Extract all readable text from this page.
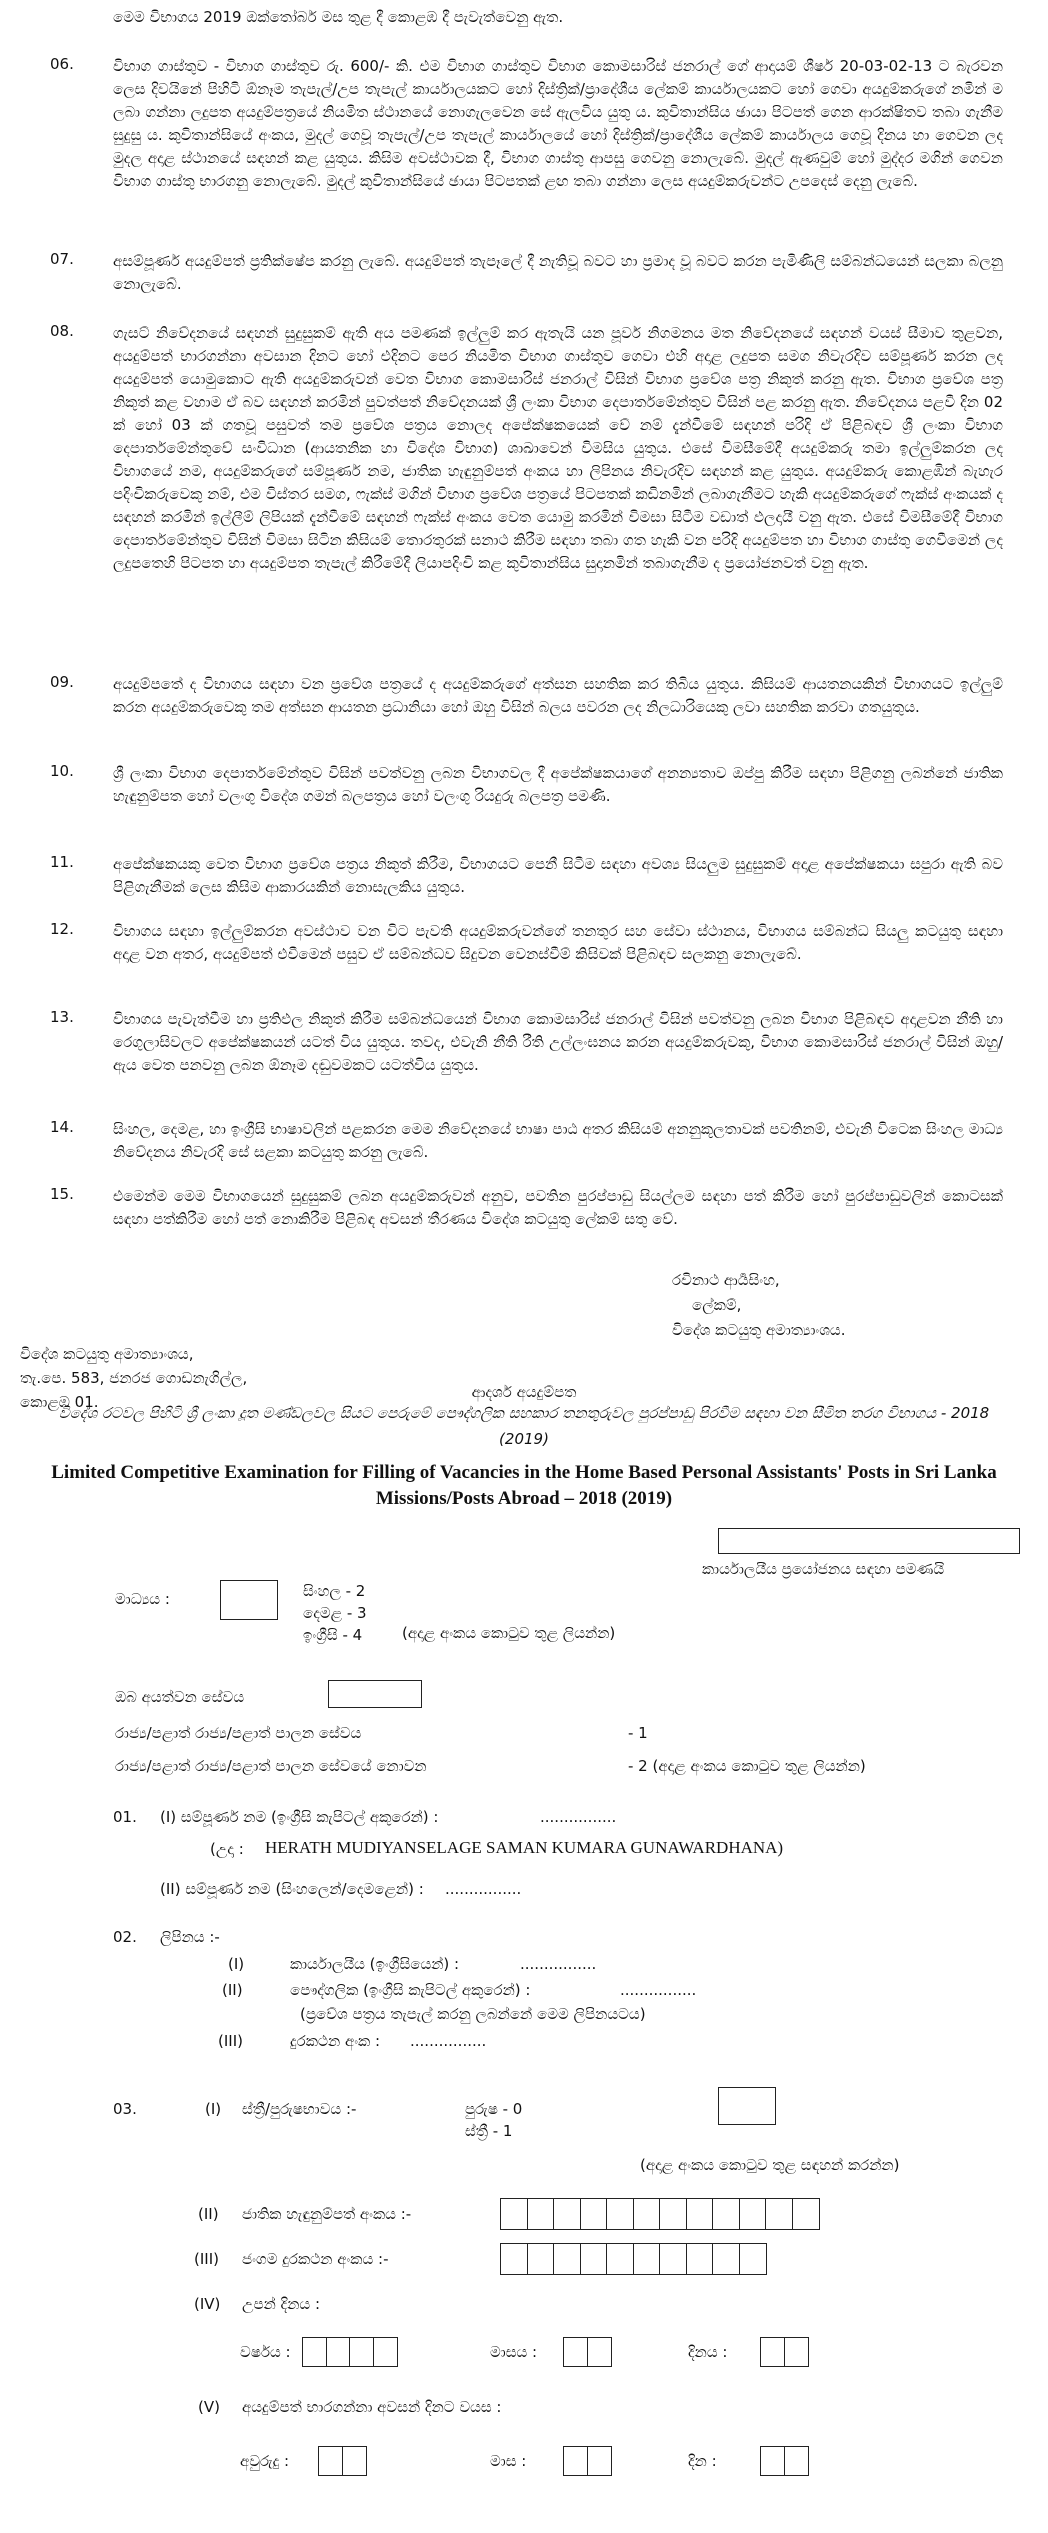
මෙම විභාගය 2019 ඔක්තෝබර් මස තුළ දී කොළඹ දී පැවැත්වෙනු ඇත.
06.	විභාග ගාස්තුව - විභාග ගාස්තුව රු. 600/- කි. එම විභාග ගාස්තුව විභාග කොමසාරිස් ජනරාල් ගේ ආදායම් ශීර්ෂ 20-03-02-13 ට බැරවන ලෙස දිවයිනේ පිහිටි ඕනෑම තැපැල්/උප තැපැල් කාර්යාලයකට හෝ දිස්ත්‍රික්/ප්‍රාදේශීය ලේකම් කාර්යාලයකට හෝ ගෙවා අයදුම්කරුගේ නමින් ම ලබා ගන්නා ලදුපත අයදුම්පත්‍රයේ නියමිත ස්ථානයේ නොගැලවෙන සේ ඇලවිය යුතු ය. කුවිතාන්සිය ඡායා පිටපත් ගෙන ආරක්ෂිතව තබා ගැනීම සුදුසු ය. කුවිතාන්සියේ අංකය, මුදල් ගෙවූ තැපැල්/උප තැපැල් කාර්යාලයේ හෝ දිස්ත්‍රික්/ප්‍රාදේශීය ලේකම් කාර්යාලය ගෙවූ දිනය හා ගෙවන ලද මුදල අදාළ ස්ථානයේ සඳහන් කළ යුතුය. කිසිම අවස්ථාවක දී, විභාග ගාස්තු ආපසු ගෙවනු නොලැබේ. මුදල් ඇණවුම් හෝ මුද්දර මගින් ගෙවන විභාග ගාස්තු භාරගනු නොලැබේ. මුදල් කුවිතාන්සියේ ඡායා පිටපතක් ළඟ තබා ගන්නා ලෙස අයදුම්කරුවන්ට උපදෙස් දෙනු ලැබේ.
07.	අසම්පූර්ණ අයදුම්පත් ප්‍රතික්ෂේප කරනු ලැබේ. අයදුම්පත් තැපෑලේ දී නැතිවූ බවට හා ප්‍රමාද වූ බවට කරන පැමිණිලි සම්බන්ධයෙන් සලකා බලනු නොලැබේ.
08.	ගැසට් නිවේදනයේ සඳහන් සුදුසුකම් ඇති අය පමණක් ඉල්ලුම් කර ඇතැයි යන පූර්ව නිගමනය මත නිවේදනයේ සඳහන් වයස් සීමාව තුළවන, අයදුම්පත් භාරගන්නා අවසාන දිනට හෝ එදිනට පෙර නියමිත විභාග ගාස්තුව ගෙවා එහි අදාළ ලදුපත සමග නිවැරදිව සම්පූර්ණ කරන ලද අයදුම්පත් යොමුකොට ඇති අයදුම්කරුවන් වෙත විභාග කොමසාරිස් ජනරාල් විසින් විභාග ප්‍රවේශ පත්‍ර නිකුත් කරනු ඇත. විභාග ප්‍රවේශ පත්‍ර නිකුත් කළ වහාම ඒ බව සඳහන් කරමින් පුවත්පත් නිවේදනයක් ශ්‍රී ලංකා විභාග දෙපාර්තමේන්තුව විසින් පළ කරනු ඇත. නිවේදනය පළවී දින 02 ක් හෝ 03 ක් ගතවූ පසුවත් තම ප්‍රවේශ පත්‍රය නොලද අපේක්ෂකයෙක් වේ නම් දැන්වීමේ සඳහන් පරිදි ඒ පිළිබඳව ශ්‍රී ලංකා විභාග දෙපාර්තමේන්තුවේ සංවිධාන (ආයතනික හා විදේශ විභාග) ශාඛාවෙන් විමසිය යුතුය. එසේ විමසීමේදී අයදුම්කරු තමා ඉල්ලුම්කරන ලද විභාගයේ නම, අයදුම්කරුගේ සම්පූර්ණ නම, ජාතික හැඳුනුම්පත් අංකය හා ලිපිනය නිවැරදිව සඳහන් කළ යුතුය. අයදුම්කරු කොළඹින් බැහැර පදිංචිකරුවෙකු නම්, එම විස්තර සමග, ෆැක්ස් මගින් විභාග ප්‍රවේශ පත්‍රයේ පිටපතක් කඩිනමින් ලබාගැනීමට හැකි අයදුම්කරුගේ ෆැක්ස් අංකයක් ද සඳහන් කරමින් ඉල්ලීම් ලිපියක් දැන්වීමේ සඳහන් ෆැක්ස් අංකය වෙත යොමු කරමින් විමසා සිටීම වඩාත් ඵලදායී වනු ඇත. එසේ විමසීමේදී විභාග දෙපාර්තමේන්තුව විසින් විමසා සිටින කිසියම් තොරතුරක් සනාථ කිරීම සඳහා තබා ගත හැකි වන පරිදි අයදුම්පත හා විභාග ගාස්තු ගෙවීමෙන් ලද ලදුපතෙහි පිටපත හා අයදුම්පත තැපැල් කිරීමේදී ලියාපදිංචි කළ කුවිතාන්සිය සුදානමින් තබාගැනීම ද ප්‍රයෝජනවත් වනු ඇත.
09.	අයදුම්පතේ ද විභාගය සඳහා වන ප්‍රවේශ පත්‍රයේ ද අයදුම්කරුගේ අත්සන සහතික කර තිබිය යුතුය. කිසියම් ආයතනයකින් විභාගයට ඉල්ලුම් කරන අයදුම්කරුවෙකු තම අත්සන ආයතන ප්‍රධානියා හෝ ඔහු විසින් බලය පවරන ලද නිලධාරියෙකු ලවා සහතික කරවා ගතයුතුය.
10.	ශ්‍රී ලංකා විභාග දෙපාර්තමේන්තුව විසින් පවත්වනු ලබන විභාගවල දී අපේක්ෂකයාගේ අනන්‍යතාව ඔප්පු කිරීම සඳහා පිළිගනු ලබන්නේ ජාතික හැඳුනුම්පත හෝ වලංගු විදේශ ගමන් බලපත්‍රය හෝ වලංගු රියදුරු බලපත්‍ර පමණි.
11.	අපේක්ෂකයකු වෙත විභාග ප්‍රවේශ පත්‍රය නිකුත් කිරීම, විභාගයට පෙනී සිටීම සඳහා අවශ්‍ය සියලුම සුදුසුකම් අදාළ අපේක්ෂකයා සපුරා ඇති බව පිළිගැනීමක් ලෙස කිසිම ආකාරයකින් නොසැලකිය යුතුය.
12.	විභාගය සඳහා ඉල්ලුම්කරන අවස්ථාව වන විට පැවති අයදුම්කරුවන්ගේ තනතුර සහ සේවා ස්ථානය, විභාගය සම්බන්ධ සියලු කටයුතු සඳහා අදාළ වන අතර, අයදුම්පත් එවීමෙන් පසුව ඒ සම්බන්ධව සිදුවන වෙනස්වීම් කිසිවක් පිළිබඳව සලකනු නොලැබේ.
13.	විභාගය පැවැත්වීම හා ප්‍රතිඵල නිකුත් කිරීම සම්බන්ධයෙන් විභාග කොමසාරිස් ජනරාල් විසින් පවත්වනු ලබන විභාග පිළිබඳව අදාළවන නීති හා රෙගුලාසිවලට අපේක්ෂකයන් යටත් විය යුතුය. තවද, එවැනි නීති රීති උල්ලංඝනය කරන අයදුම්කරුවකු, විභාග කොමසාරිස් ජනරාල් විසින් ඔහු/ඇය වෙත පනවනු ලබන ඕනෑම දඬුවමකට යටත්විය යුතුය.
14.	සිංහල, දෙමළ, හා ඉංග්‍රීසි භාෂාවලින් පළකරන මෙම නිවේදනයේ භාෂා පාඨ අතර කිසියම් අනනුකූලතාවක් පවතිනම්, එවැනි විටෙක සිංහල මාධ්‍ය නිවේදනය නිවැරදි සේ සළකා කටයුතු කරනු ලැබේ.
15.	එමෙන්ම මෙම විභාගයෙන් සුදුසුකම් ලබන අයදුම්කරුවන් අනුව, පවතින පුරප්පාඩු සියල්ලම සඳහා පත් කිරීම හෝ පුරප්පාඩුවලින් කොටසක් සඳහා පත්කිරීම හෝ පත් නොකිරීම පිළිබඳ අවසන් තීරණය විදේශ කටයුතු ලේකම් සතු වේ.
රවිනාථ ආර්‍යසිංහ,
ලේකම්,
විදේශ කටයුතු අමාත්‍යාංශය.
විදේශ කටයුතු අමාත්‍යාංශය,
තැ.පෙ. 583, ජනරජ ගොඩනැගිල්ල,
කොළඹ 01.
ආදර්ශ අයදුම්පත
විදේශ රටවල පිහිටි ශ්‍රී ලංකා දූත මණ්ඩලවල සියට පෙරුමේ පෞද්ගලික සහකාර තනතුරුවල පුරප්පාඩු පිරවීම සඳහා වන සීමිත තරග විභාගය - 2018 (2019)
Limited Competitive Examination for Filling of Vacancies in the Home Based Personal Assistants' Posts in Sri Lanka Missions/Posts Abroad – 2018 (2019)
කාර්යාලයීය ප්‍රයෝජනය සඳහා පමණයි
මාධ්‍යය :	සිංහල - 2
දෙමළ - 3
ඉංග්‍රීසි - 4	(අදාළ අංකය කොටුව තුළ ලියන්න)
ඔබ අයත්වන සේවය
රාජ්‍ය/පළාත් රාජ්‍ය/පළාත් පාලන සේවය	- 1
රාජ්‍ය/පළාත් රාජ්‍ය/පළාත් පාලන සේවයේ නොවන	- 2 (අදාළ අංකය කොටුව තුළ ලියන්න)
01. (I) සම්පූර්ණ නම (ඉංග්‍රීසි කැපිටල් අකුරෙන්) :	................
(උදා : HERATH MUDIYANSELAGE SAMAN KUMARA GUNAWARDHANA)
(II) සම්පූර්ණ නම (සිංහලෙන්/දෙමළෙන්) : ................
02. ලිපිනය :-
(I)	කාර්යාලයීය (ඉංග්‍රීසියෙන්) :	................
(II)	පෞද්ගලික (ඉංග්‍රීසි කැපිටල් අකුරෙන්) :	................
(ප්‍රවේශ පත්‍රය තැපැල් කරනු ලබන්නේ මෙම ලිපිනයටය)
(III)	දුරකථන අංක : ................
03.	(I) ස්ත්‍රී/පුරුෂභාවය :-	පුරුෂ - 0
ස්ත්‍රී - 1
(අදාළ අංකය කොටුව තුළ සඳහන් කරන්න)
(II) ජාතික හැඳුනුම්පත් අංකය :-
(III) ජංගම දුරකථන අංකය :-
(IV) උපන් දිනය :
වර්ෂය :	මාසය :	දිනය :
(V) අයදුම්පත් භාරගන්නා අවසන් දිනට වයස :
අවුරුදු :	මාස :	දින :
